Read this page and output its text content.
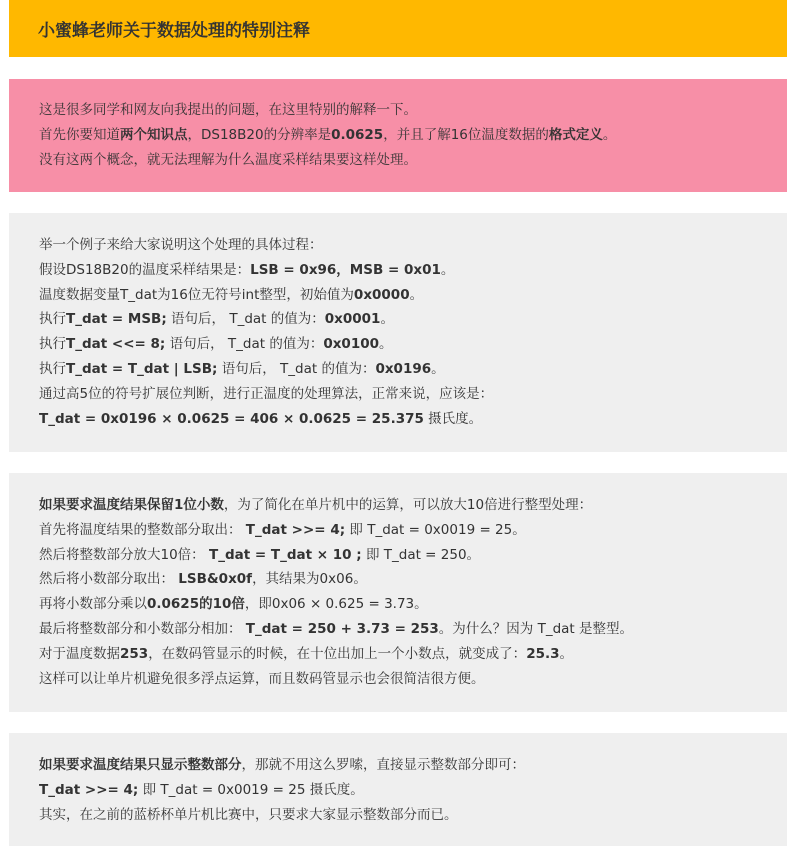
小蜜蜂老师关于数据处理的特别注释

这是很多同学和网友向我提出的问题，在这里特别的解释一下。

首先你要知道两个知识点，DS18B20的分辨率是0.0625，并且了解16位温度数据的格式定义。

没有这两个概念，就无法理解为什么温度采样结果要这样处理。

举一个例子来给大家说明这个处理的具体过程：

假设DS18B20的温度采样结果是：LSB = 0x96，MSB = 0x01。

温度数据变量T_dat为16位无符号int整型，初始值为0x0000。

执行T_dat = MSB; 语句后， T_dat 的值为：0x0001。

执行T_dat <<= 8; 语句后， T_dat 的值为：0x0100。

执行T_dat = T_dat | LSB; 语句后， T_dat 的值为：0x0196。

通过高5位的符号扩展位判断，进行正温度的处理算法，正常来说，应该是：

T_dat = 0x0196 × 0.0625 = 406 × 0.0625 = 25.375 摄氏度。

如果要求温度结果保留1位小数，为了简化在单片机中的运算，可以放大10倍进行整型处理：

首先将温度结果的整数部分取出： T_dat >>= 4; 即 T_dat = 0x0019 = 25。

然后将整数部分放大10倍： T_dat = T_dat × 10 ; 即 T_dat = 250。

然后将小数部分取出： LSB&0x0f，其结果为0x06。

再将小数部分乘以0.0625的10倍，即0x06 × 0.625 = 3.73。

最后将整数部分和小数部分相加： T_dat = 250 + 3.73 = 253。为什么？因为 T_dat 是整型。

对于温度数据253，在数码管显示的时候，在十位出加上一个小数点，就变成了：25.3。

这样可以让单片机避免很多浮点运算，而且数码管显示也会很简洁很方便。

如果要求温度结果只显示整数部分，那就不用这么罗嗦，直接显示整数部分即可：

T_dat >>= 4; 即 T_dat = 0x0019 = 25 摄氏度。

其实，在之前的蓝桥杯单片机比赛中，只要求大家显示整数部分而已。
